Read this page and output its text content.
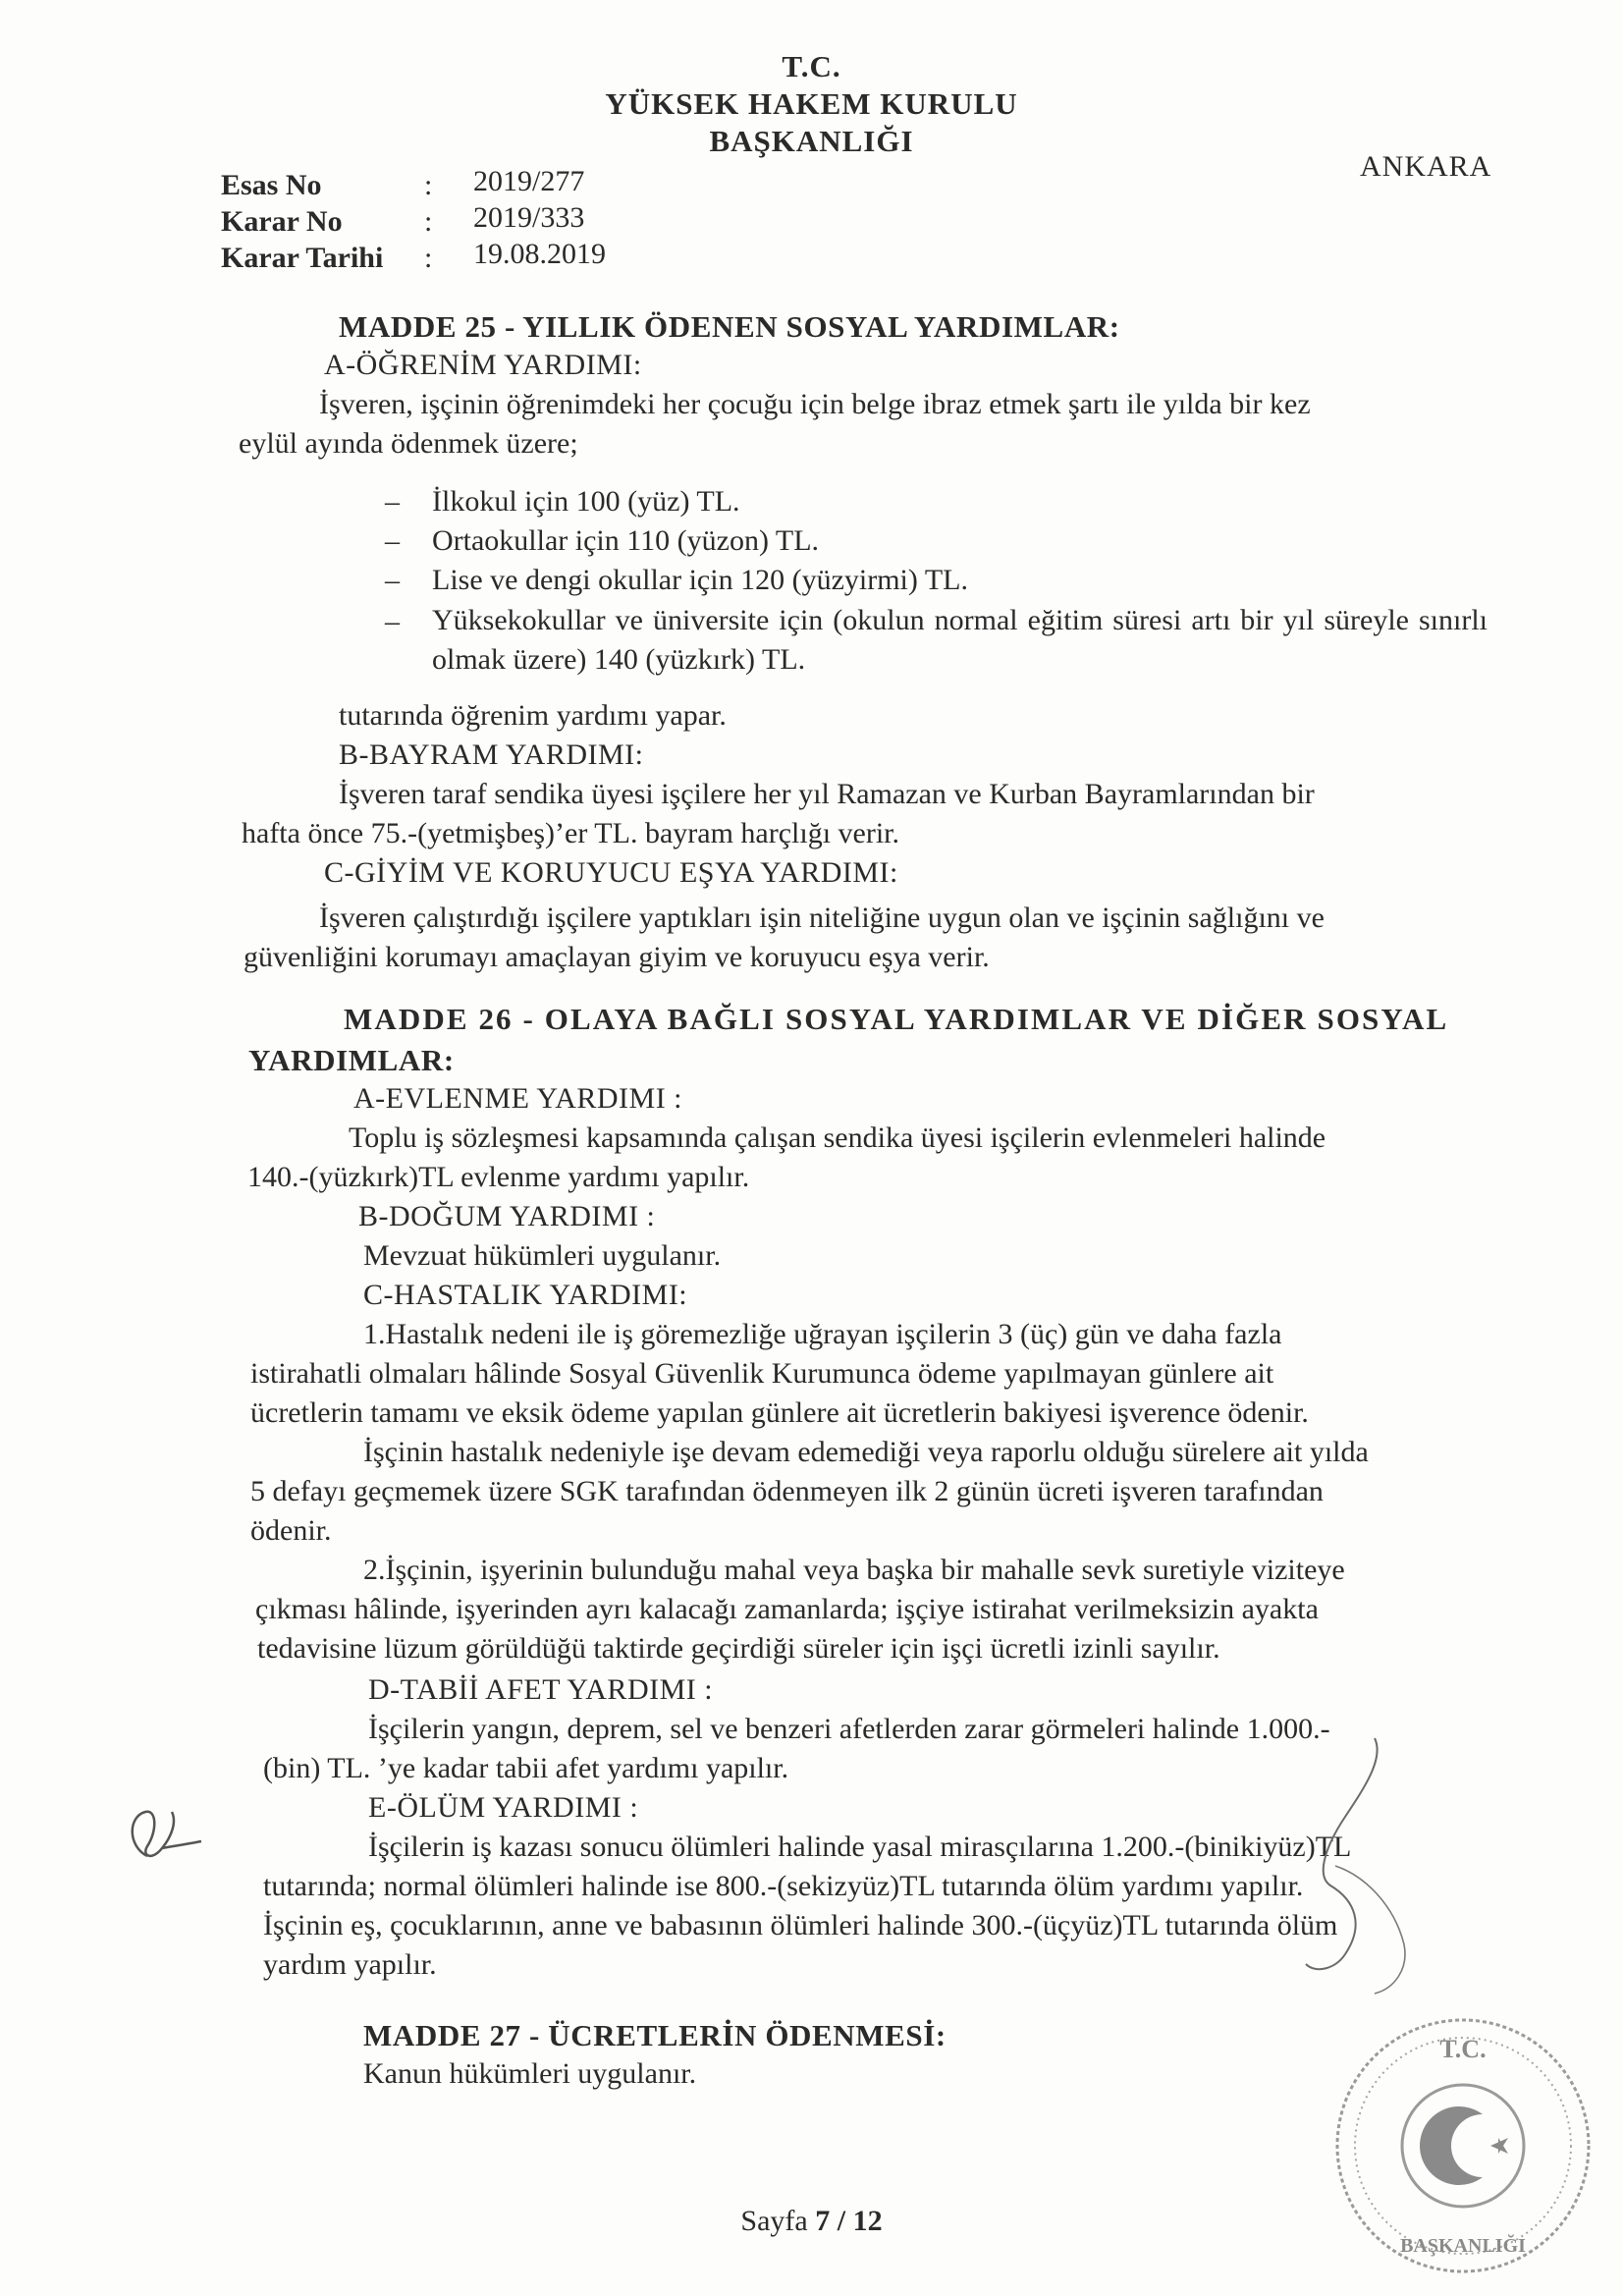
T.C.
YÜKSEK HAKEM KURULU
BAŞKANLIĞI
ANKARA
Esas No	: 2019/277
Karar No	: 2019/333
Karar Tarihi : 19.08.2019
MADDE 25 - YILLIK ÖDENEN SOSYAL YARDIMLAR:
A-ÖĞRENİM YARDIMI:
İşveren, işçinin öğrenimdeki her çocuğu için belge ibraz etmek şartı ile yılda bir kez
eylül ayında ödenmek üzere;
– İlkokul için 100 (yüz) TL.
– Ortaokullar için 110 (yüzon) TL.
– Lise ve dengi okullar için 120 (yüzyirmi) TL.
– Yüksekokullar ve üniversite için (okulun normal eğitim süresi artı bir yıl süreyle sınırlı olmak üzere) 140 (yüzkırk) TL.
tutarında öğrenim yardımı yapar.
B-BAYRAM YARDIMI:
İşveren taraf sendika üyesi işçilere her yıl Ramazan ve Kurban Bayramlarından bir
hafta önce 75.-(yetmişbeş)’er TL. bayram harçlığı verir.
C-GİYİM VE KORUYUCU EŞYA YARDIMI:
İşveren çalıştırdığı işçilere yaptıkları işin niteliğine uygun olan ve işçinin sağlığını ve
güvenliğini korumayı amaçlayan giyim ve koruyucu eşya verir.
MADDE 26 - OLAYA BAĞLI SOSYAL YARDIMLAR VE DİĞER SOSYAL
YARDIMLAR:
A-EVLENME YARDIMI :
Toplu iş sözleşmesi kapsamında çalışan sendika üyesi işçilerin evlenmeleri halinde
140.-(yüzkırk)TL evlenme yardımı yapılır.
B-DOĞUM YARDIMI :
Mevzuat hükümleri uygulanır.
C-HASTALIK YARDIMI:
1.Hastalık nedeni ile iş göremezliğe uğrayan işçilerin 3 (üç) gün ve daha fazla
istirahatli olmaları hâlinde Sosyal Güvenlik Kurumunca ödeme yapılmayan günlere ait
ücretlerin tamamı ve eksik ödeme yapılan günlere ait ücretlerin bakiyesi işverence ödenir.
İşçinin hastalık nedeniyle işe devam edemediği veya raporlu olduğu sürelere ait yılda
5 defayı geçmemek üzere SGK tarafından ödenmeyen ilk 2 günün ücreti işveren tarafından
ödenir.
2.İşçinin, işyerinin bulunduğu mahal veya başka bir mahalle sevk suretiyle viziteye
çıkması hâlinde, işyerinden ayrı kalacağı zamanlarda; işçiye istirahat verilmeksizin ayakta
tedavisine lüzum görüldüğü taktirde geçirdiği süreler için işçi ücretli izinli sayılır.
D-TABİİ AFET YARDIMI :
İşçilerin yangın, deprem, sel ve benzeri afetlerden zarar görmeleri halinde 1.000.-
(bin) TL. ’ye kadar tabii afet yardımı yapılır.
E-ÖLÜM YARDIMI :
İşçilerin iş kazası sonucu ölümleri halinde yasal mirasçılarına 1.200.-(binikiyüz)TL
tutarında; normal ölümleri halinde ise 800.-(sekizyüz)TL tutarında ölüm yardımı yapılır.
İşçinin eş, çocuklarının, anne ve babasının ölümleri halinde 300.-(üçyüz)TL tutarında ölüm
yardım yapılır.
MADDE 27 - ÜCRETLERİN ÖDENMESİ:
Kanun hükümleri uygulanır.
Sayfa 7 / 12
T.C.
BAŞKANLIĞI
